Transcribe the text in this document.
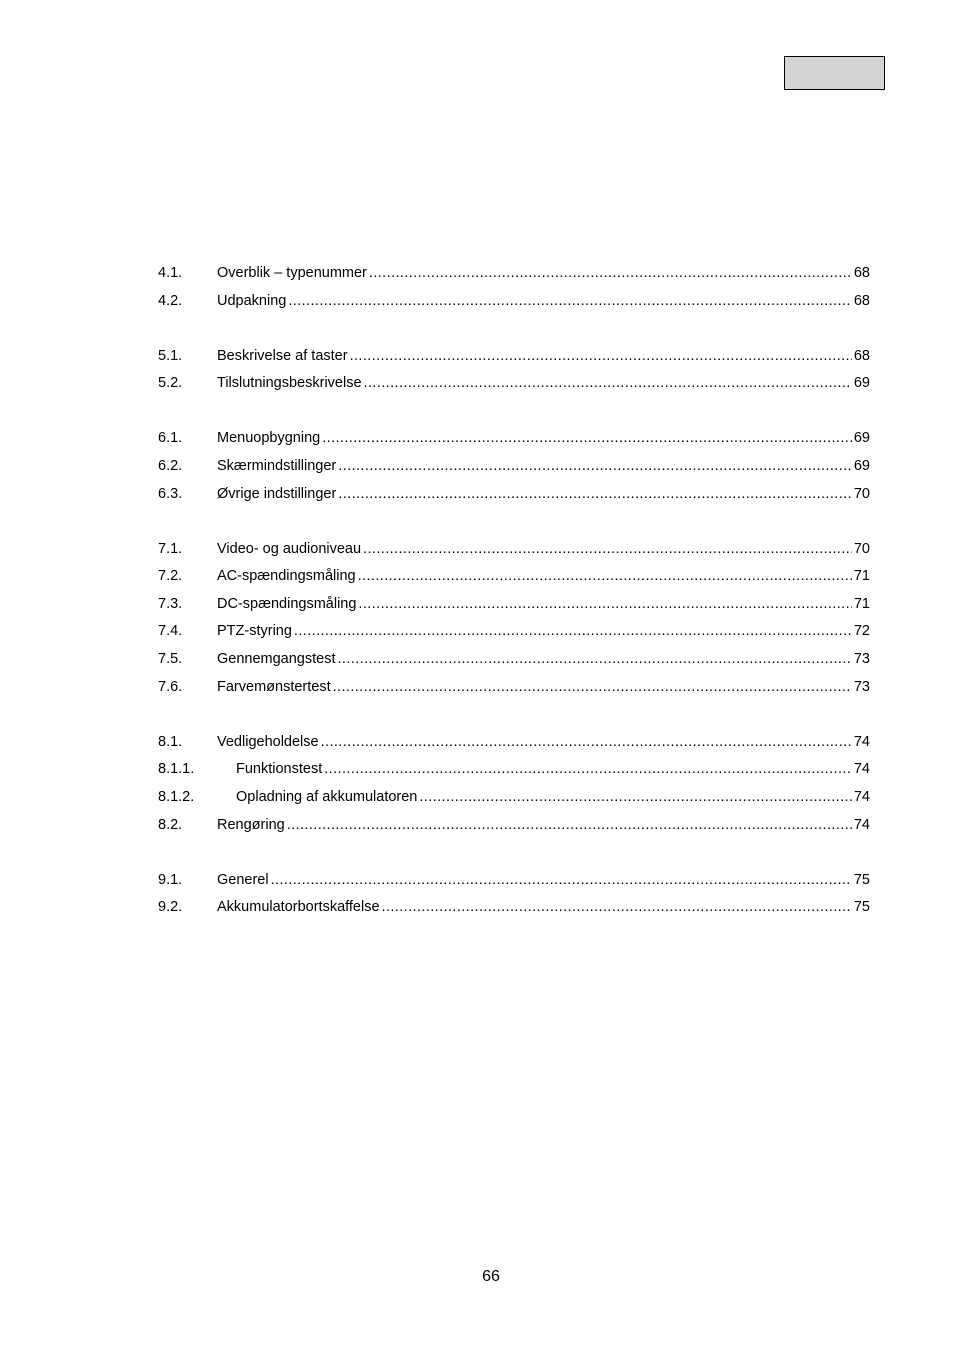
4.1.	Overblik – typenummer .....	68
4.2.	Udpakning .....	68
5.1.	Beskrivelse af taster .....	68
5.2.	Tilslutningsbeskrivelse .....	69
6.1.	Menuopbygning .....	69
6.2.	Skærmindstillinger .....	69
6.3.	Øvrige indstillinger .....	70
7.1.	Video- og audioniveau .....	70
7.2.	AC-spændingsmåling .....	71
7.3.	DC-spændingsmåling .....	71
7.4.	PTZ-styring .....	72
7.5.	Gennemgangstest .....	73
7.6.	Farvemønstertest .....	73
8.1.	Vedligeholdelse .....	74
8.1.1.	Funktionstest .....	74
8.1.2.	Opladning af akkumulatoren .....	74
8.2.	Rengøring .....	74
9.1.	Generel .....	75
9.2.	Akkumulatorbortskaffelse .....	75
66
